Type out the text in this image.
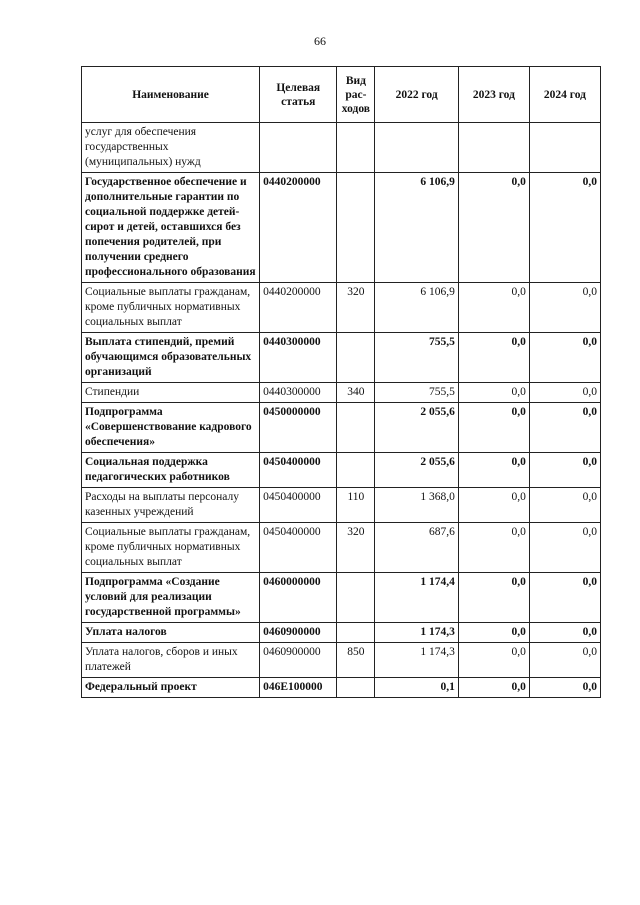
66
Наименование	Целевая статья	Вид рас-ходов	2022 год	2023 год	2024 год
услуг для обеспечения государственных (муниципальных) нужд					
Государственное обеспечение и дополнительные гарантии по социальной поддержке детей-сирот и детей, оставшихся без попечения родителей, при получении среднего профессионального образования	0440200000		6 106,9	0,0	0,0
Социальные выплаты гражданам, кроме публичных нормативных социальных выплат	0440200000	320	6 106,9	0,0	0,0
Выплата стипендий, премий обучающимся образовательных организаций	0440300000		755,5	0,0	0,0
Стипендии	0440300000	340	755,5	0,0	0,0
Подпрограмма «Совершенствование кадрового обеспечения»	0450000000		2 055,6	0,0	0,0
Социальная поддержка педагогических работников	0450400000		2 055,6	0,0	0,0
Расходы на выплаты персоналу казенных учреждений	0450400000	110	1 368,0	0,0	0,0
Социальные выплаты гражданам, кроме публичных нормативных социальных выплат	0450400000	320	687,6	0,0	0,0
Подпрограмма «Создание условий для реализации государственной программы»	0460000000		1 174,4	0,0	0,0
Уплата налогов	0460900000		1 174,3	0,0	0,0
Уплата налогов, сборов и иных платежей	0460900000	850	1 174,3	0,0	0,0
Федеральный проект	046E100000		0,1	0,0	0,0
